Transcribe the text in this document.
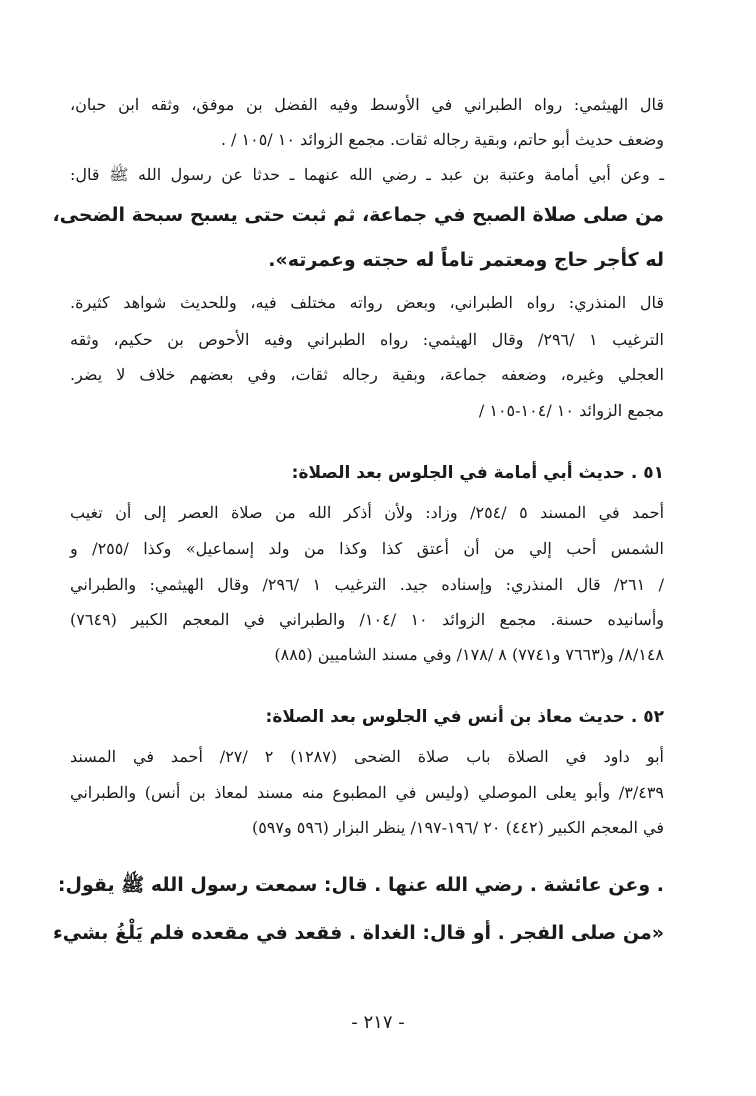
قال الهيثمي: رواه الطبراني في الأوسط وفيه الفضل بن موفق، وثقه ابن حبان،
وضعف حديث أبو حاتم، وبقية رجاله ثقات. مجمع الزوائد ١٠ /١٠٥ / .
ـ وعن أبي أمامة وعتبة بن عبد ـ رضي الله عنهما ـ حدثا عن رسول الله ﷺ قال:
من صلى صلاة الصبح في جماعة، ثم ثبت حتى يسبح سبحة الضحى،
له كأجر حاج ومعتمر تاماً له حجته وعمرته».
قال المنذري: رواه الطبراني، وبعض رواته مختلف فيه، وللحديث شواهد كثيرة.
الترغيب ١ /٢٩٦/ وقال الهيثمي: رواه الطبراني وفيه الأحوص بن حكيم، وثقه
العجلي وغيره، وضعفه جماعة، وبقية رجاله ثقات، وفي بعضهم خلاف لا يضر.
مجمع الزوائد ١٠ /١٠٤-١٠٥ /
٥١ . حديث أبي أمامة في الجلوس بعد الصلاة:
أحمد في المسند ٥ /٢٥٤/ وزاد: ولأن أذكر الله من صلاة العصر إلى أن تغيب
الشمس أحب إلي من أن أعتق كذا وكذا من ولد إسماعيل» وكذا /٢٥٥/ و
/ ٢٦١/ قال المنذري: وإسناده جيد. الترغيب ١ /٢٩٦/ وقال الهيثمي: والطبراني
وأسانيده حسنة. مجمع الزوائد ١٠ /١٠٤/ والطبراني في المعجم الكبير (٧٦٤٩)
٨/١٤٨/ و(٧٦٦٣ و٧٧٤١) ٨ /١٧٨/ وفي مسند الشاميين (٨٨٥)
٥٢ . حديث معاذ بن أنس في الجلوس بعد الصلاة:
أبو داود في الصلاة باب صلاة الضحى (١٢٨٧) ٢ /٢٧/ أحمد في المسند
٣/٤٣٩/ وأبو يعلى الموصلي (وليس في المطبوع منه مسند لمعاذ بن أنس) والطبراني
في المعجم الكبير (٤٤٢) ٢٠ /١٩٦-١٩٧/ ينظر البزار (٥٩٦ و٥٩٧)
. وعن عائشة . رضي الله عنها . قال: سمعت رسول الله ﷺ يقول:
«من صلى الفجر . أو قال: الغداة . فقعد في مقعده فلم يَلْغُ بشيء
- ٢١٧ -
